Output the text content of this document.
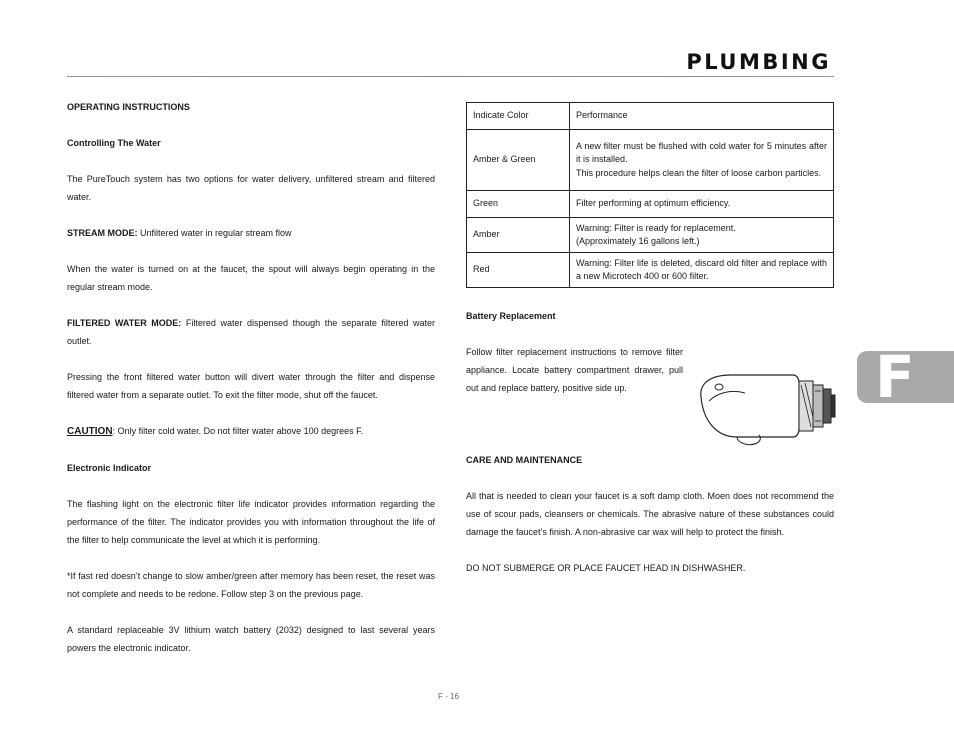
PLUMBING

OPERATING INSTRUCTIONS

Controlling The Water

The PureTouch system has two options for water delivery, unfiltered stream and filtered water.

STREAM MODE: Unfiltered water in regular stream flow

When the water is turned on at the faucet, the spout will always begin operating in the regular stream mode.

FILTERED WATER MODE: Filtered water dispensed though the separate filtered water outlet.

Pressing the front filtered water button will divert water through the filter and dispense filtered water from a separate outlet. To exit the filter mode, shut off the faucet.

CAUTION: Only filter cold water. Do not filter water above 100 degrees F.

Electronic Indicator

The flashing light on the electronic filter life indicator provides information regarding the performance of the filter. The indicator provides you with information throughout the life of the filter to help communicate the level at which it is performing.

*If fast red doesn’t change to slow amber/green after memory has been reset, the reset was not complete and needs to be redone. Follow step 3 on the previous page.

A standard replaceable 3V lithium watch battery (2032) designed to last several years powers the electronic indicator.

Indicate Color	Performance
Amber & Green	A new filter must be flushed with cold water for 5 minutes after it is installed.
This procedure helps clean the filter of loose carbon particles.

Green	Filter performing at optimum efficiency.
Amber	Warning: Filter is ready for replacement.
(Approximately 16 gallons left.)

Red	Warning: Filter life is deleted, discard old filter and replace with a new Microtech 400 or 600 filter.

Battery Replacement

Follow filter replacement instructions to remove filter appliance. Locate battery compartment drawer, pull out and replace battery, positive side up.

CARE AND MAINTENANCE

All that is needed to clean your faucet is a soft damp cloth. Moen does not recommend the use of scour pads, cleansers or chemicals. The abrasive nature of these substances could damage the faucet’s finish. A non-abrasive car wax will help to protect the finish.

DO NOT SUBMERGE OR PLACE FAUCET HEAD IN DISHWASHER.

F
F - 16
